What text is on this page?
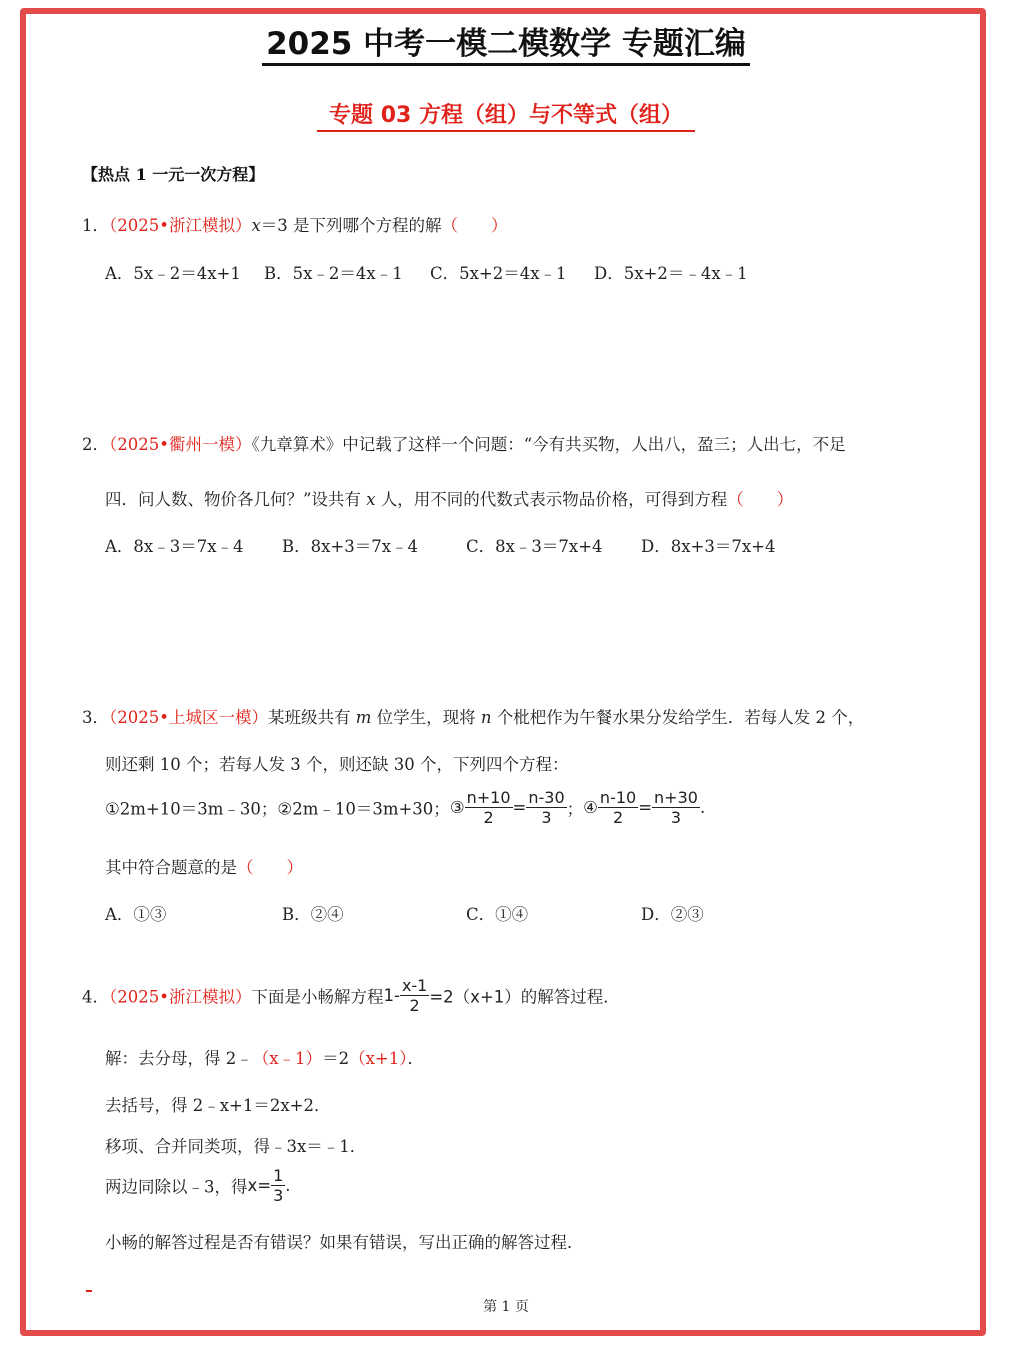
2025 中考一模二模数学 专题汇编
专题 03 方程（组）与不等式（组）
【热点 1 一元一次方程】
1．（2025•浙江模拟）x＝3 是下列哪个方程的解（　　）
A．5x﹣2＝4x+1 B．5x﹣2＝4x﹣1 C．5x+2＝4x﹣1 D．5x+2＝﹣4x﹣1
2．（2025•衢州一模）《九章算术》中记载了这样一个问题：“今有共买物，人出八，盈三；人出七，不足
四．问人数、物价各几何？”设共有 x 人，用不同的代数式表示物品价格，可得到方程（　　）
A．8x﹣3＝7x﹣4 B．8x+3＝7x﹣4	C．8x﹣3＝7x+4 D．8x+3＝7x+4
3．（2025•上城区一模）某班级共有 m 位学生，现将 n 个枇杷作为午餐水果分发给学生．若每人发 2 个，
则还剩 10 个；若每人发 3 个，则还缺 30 个，下列四个方程：
①2m+10＝3m﹣30；②2m﹣10＝3m+30；③ $\frac{n+10}{2} = \frac{n-30}{3}$ ；④ $\frac{n-10}{2} = \frac{n+30}{3}$ .
其中符合题意的是（　　）
A．①③	B．②④	C．①④	D．②③
4．（2025•浙江模拟）下面是小畅解方程$1- \frac{x-1}{2} =2(x+1)$的解答过程．
解：去分母，得 2﹣（x﹣1）＝2（x+1）．
去括号，得 2﹣x+1＝2x+2．
移项、合并同类项，得﹣3x＝﹣1．
两边同除以﹣3，得$x= \frac{1}{3}$ .
小畅的解答过程是否有错误？如果有错误，写出正确的解答过程．
第 1 页
